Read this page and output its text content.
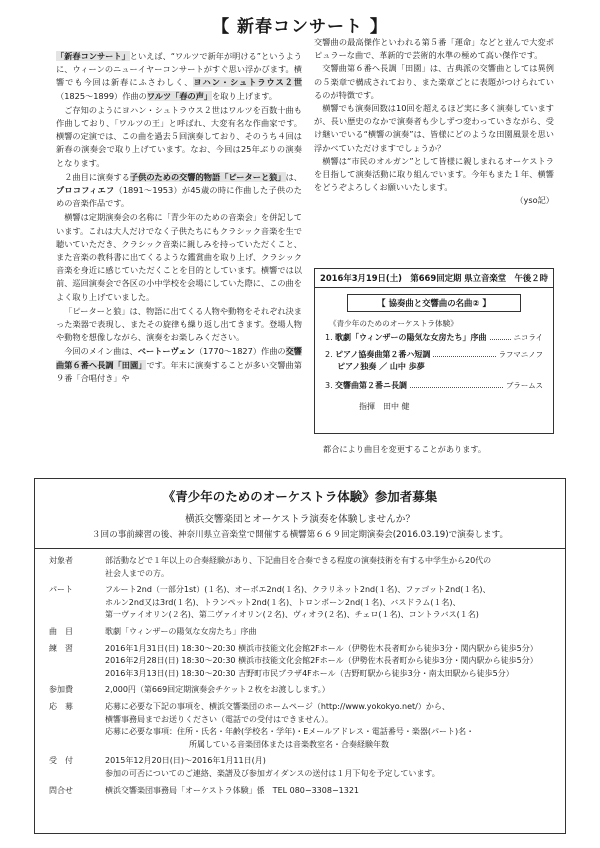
【 新春コンサート 】

「新春コンサート」といえば、“ワルツで新年が明ける”というように、ウィーンのニューイヤーコンサートがすぐ思い浮かびます。横響でも今回は新春にふさわしく、ヨハン・シュトラウス２世（1825〜1899）作曲のワルツ「春の声」を取り上げます。

ご存知のようにヨハン・シュトラウス２世はワルツを百数十曲も作曲しており、「ワルツの王」と呼ばれ、大変有名な作曲家です。横響の定演では、この曲を過去５回演奏しており、そのうち４回は新春の演奏会で取り上げています。なお、今回は25年ぶりの演奏となります。

２曲目に演奏する子供のための交響的物語「ピーターと狼」は、プロコフィエフ（1891〜1953）が45歳の時に作曲した子供のための音楽作品です。

横響は定期演奏会の名称に「青少年のための音楽会」を併記しています。これは大人だけでなく子供たちにもクラシック音楽を生で聴いていただき、クラシック音楽に親しみを持っていただくこと、また音楽の教科書に出てくるような鑑賞曲を取り上げ、クラシック音楽を身近に感じていただくことを目的としています。横響では以前、巡回演奏会で各区の小中学校を会場にしていた際に、この曲をよく取り上げていました。

「ピーターと狼」は、物語に出てくる人物や動物をそれぞれ決まった楽器で表現し、またその旋律も繰り返し出てきます。登場人物や動物を想像しながら、演奏をお楽しみください。

今回のメイン曲は、ベートーヴェン（1770〜1827）作曲の交響曲第６番ヘ長調「田園」です。年末に演奏することが多い交響曲第９番「合唱付き」や

交響曲の最高傑作といわれる第５番「運命」などと並んで大変ポピュラーな曲で、革新的で芸術的水準の極めて高い傑作です。

交響曲第６番ヘ長調「田園」は、古典派の交響曲としては異例の５楽章で構成されており、また楽章ごとに表題がつけられているのが特徴です。

横響でも演奏回数は10回を超えるほど実に多く演奏していますが、長い歴史のなかで演奏者も少しずつ変わっていきながら、受け継いでいる“横響の演奏”は、皆様にどのような田園風景を思い浮かべていただけますでしょうか？

横響は“市民のオルガン”として皆様に親しまれるオーケストラを目指して演奏活動に取り組んでいます。今年もまた１年、横響をどうぞよろしくお願いいたします。

（yso記）
2016年3月19日(土)　第669回定期 県立音楽堂　午後２時
【 協奏曲と交響曲の名曲② 】
《青少年のためのオーケストラ体験》
1. 歌劇「ウィンザーの陽気な女房たち」序曲	ニコライ
2. ピアノ協奏曲第２番ハ短調	ラフマニノフ
ピアノ独奏 ／ 山中 歩夢
3. 交響曲第２番ニ長調	ブラームス
指揮　田中 健
都合により曲目を変更することがあります。
《青少年のためのオーケストラ体験》参加者募集
横浜交響楽団とオーケストラ演奏を体験しませんか？
３回の事前練習の後、神奈川県立音楽堂で開催する横響第６６９回定期演奏会(2016.03.19)で演奏します。
対象者	部活動などで１年以上の合奏経験があり、下記曲目を合奏できる程度の演奏技術を有する中学生から20代の
社会人までの方。
パート	フルート2nd（一部分1st）(１名)、オーボエ2nd(１名)、クラリネット2nd(１名)、ファゴット2nd(１名)、
ホルン2nd又は3rd(１名)、トランペット2nd(１名)、トロンボーン2nd(１名)、バスドラム(１名)、
第一ヴァイオリン(２名)、第二ヴァイオリン(２名)、ヴィオラ(２名)、チェロ(１名)、コントラバス(１名)
曲　目	歌劇「ウィンザーの陽気な女房たち」序曲
練　習	2016年1月31日(日) 18:30〜20:30 横浜市技能文化会館2Fホール（伊勢佐木長者町から徒歩3分・関内駅から徒歩5分）
2016年2月28日(日) 18:30〜20:30 横浜市技能文化会館2Fホール（伊勢佐木長者町から徒歩3分・関内駅から徒歩5分）
2016年3月13日(日) 18:30〜20:30 吉野町市民プラザ4Fホール（吉野町駅から徒歩3分・南太田駅から徒歩5分）
参加費	2,000円（第669回定期演奏会チケット２枚をお渡しします。）
応　募	応募に必要な下記の事項を、横浜交響楽団のホームページ（http://www.yokokyo.net/）から、
横響事務局までお送りください（電話での受付はできません）。
応募に必要な事項：住所・氏名・年齢(学校名・学年)・Eメールアドレス・電話番号・楽器(パート)名・
所属している音楽団体または音楽教室名・合奏経験年数
受　付	2015年12月20日(日)〜2016年1月11日(月)
参加の可否についてのご連絡、楽譜及び参加ガイダンスの送付は１月下旬を予定しています。
問合せ	横浜交響楽団事務局「オーケストラ体験」係　TEL 080−3308−1321
